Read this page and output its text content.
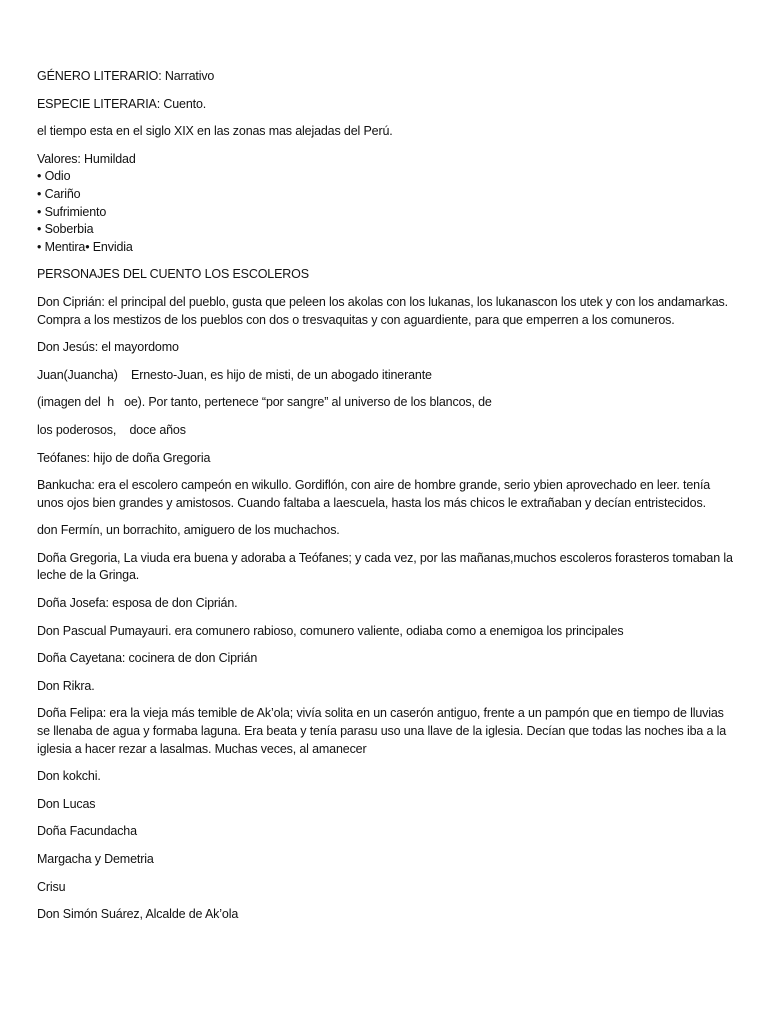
GÉNERO LITERARIO: Narrativo

ESPECIE LITERARIA: Cuento.

el tiempo esta en el siglo XIX en las zonas mas alejadas del Perú.

Valores: Humildad

• Odio

• Cariño

• Sufrimiento

• Soberbia

• Mentira• Envidia

PERSONAJES DEL CUENTO LOS ESCOLEROS

Don Ciprián: el principal del pueblo, gusta que peleen los akolas con los lukanas, los lukanascon los utek y con los andamarkas. Compra a los mestizos de los pueblos con dos o tresvaquitas y con aguardiente, para que emperren a los comuneros.

Don Jesús: el mayordomo

Juan(Juancha)    Ernesto-Juan, es hijo de misti, de un abogado itinerante

(imagen del  h   oe). Por tanto, pertenece “por sangre” al universo de los blancos, de

los poderosos,    doce años

Teófanes: hijo de doña Gregoria

Bankucha: era el escolero campeón en wikullo. Gordiflón, con aire de hombre grande, serio ybien aprovechado en leer. tenía unos ojos bien grandes y amistosos. Cuando faltaba a laescuela, hasta los más chicos le extrañaban y decían entristecidos.

don Fermín, un borrachito, amiguero de los muchachos.

Doña Gregoria, La viuda era buena y adoraba a Teófanes; y cada vez, por las mañanas,muchos escoleros forasteros tomaban la leche de la Gringa.

Doña Josefa: esposa de don Ciprián.

Don Pascual Pumayauri. era comunero rabioso, comunero valiente, odiaba como a enemigoa los principales

Doña Cayetana: cocinera de don Ciprián

Don Rikra.

Doña Felipa: era la vieja más temible de Ak’ola; vivía solita en un caserón antiguo, frente a un pampón que en tiempo de lluvias se llenaba de agua y formaba laguna. Era beata y tenía parasu uso una llave de la iglesia. Decían que todas las noches iba a la iglesia a hacer rezar a lasalmas. Muchas veces, al amanecer

Don kokchi.

Don Lucas

Doña Facundacha

Margacha y Demetria

Crisu

Don Simón Suárez, Alcalde de Ak’ola
